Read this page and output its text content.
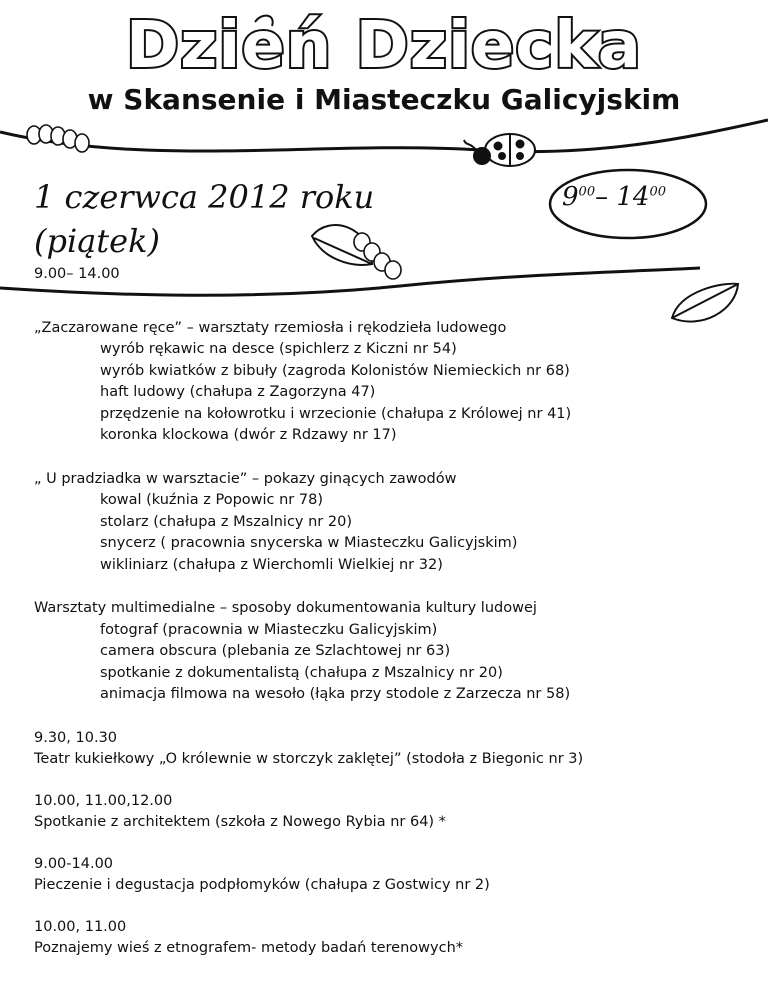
Dzień Dziecka
w Skansenie i Miasteczku Galicyjskim
1 czerwca 2012 roku
(piątek)
$9^{00}-$ $14^{00}$
9.00– 14.00
„Zaczarowane ręce” – warsztaty rzemiosła i rękodzieła ludowego
wyrób rękawic na desce (spichlerz z Kiczni nr 54)
wyrób kwiatków z bibuły (zagroda Kolonistów Niemieckich nr 68)
haft ludowy (chałupa z Zagorzyna 47)
przędzenie na kołowrotku i wrzecionie (chałupa z Królowej nr 41)
koronka klockowa (dwór z Rdzawy nr 17)
„ U pradziadka w warsztacie” – pokazy ginących zawodów
kowal (kuźnia z Popowic nr 78)
stolarz (chałupa z Mszalnicy nr 20)
snycerz ( pracownia snycerska w Miasteczku Galicyjskim)
wikliniarz (chałupa z Wierchomli Wielkiej nr 32)
Warsztaty multimedialne – sposoby dokumentowania kultury ludowej
fotograf (pracownia w Miasteczku Galicyjskim)
camera obscura (plebania ze Szlachtowej nr 63)
spotkanie z dokumentalistą (chałupa z Mszalnicy nr 20)
animacja filmowa na wesoło (łąka przy stodole z Zarzecza nr 58)
9.30, 10.30
Teatr kukiełkowy „O królewnie w storczyk zaklętej” (stodoła z Biegonic nr 3)
10.00, 11.00,12.00
Spotkanie z architektem (szkoła z Nowego Rybia nr 64) *
9.00-14.00
Pieczenie i degustacja podpłomyków (chałupa z Gostwicy nr 2)
10.00, 11.00
Poznajemy wieś z etnografem- metody badań terenowych*
